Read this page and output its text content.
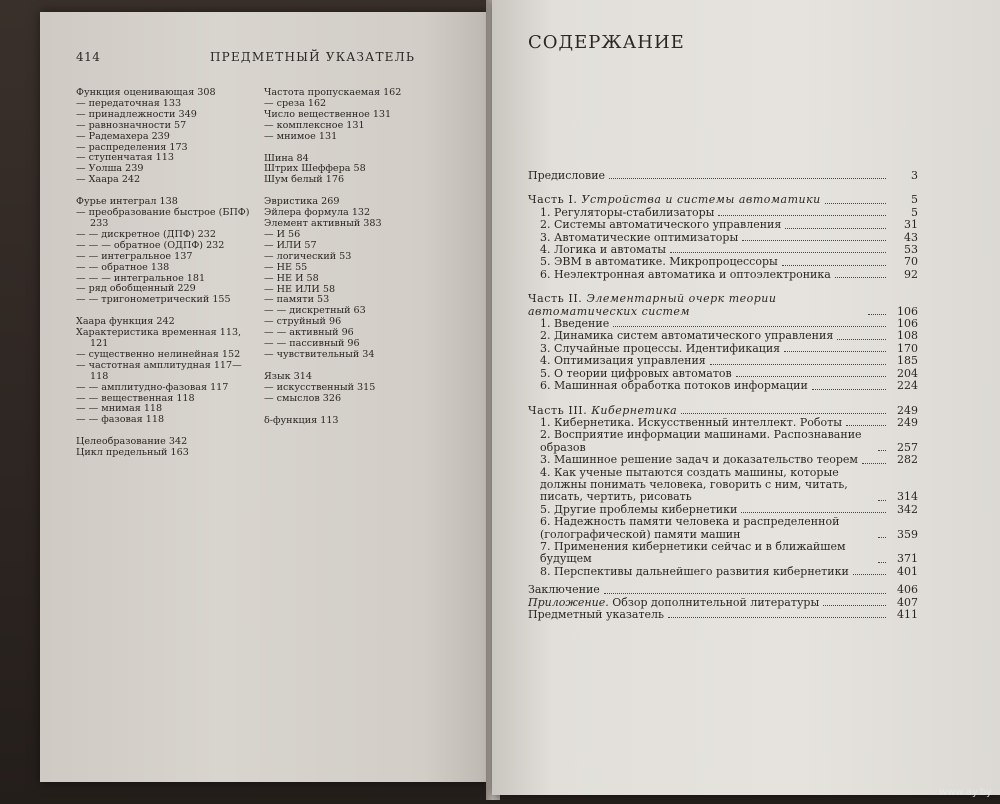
414	ПРЕДМЕТНЫЙ УКАЗАТЕЛЬ
Функция оценивающая 308
— передаточная 133
— принадлежности 349
— равнозначности 57
— Радемахера 239
— распределения 173
— ступенчатая 113
— Уолша 239
— Хаара 242
Фурье интеграл 138
— преобразование быстрое (БПФ)
233
— — дискретное (ДПФ) 232
— — — обратное (ОДПФ) 232
— — интегральное 137
— — обратное 138
— — — интегральное 181
— ряд обобщенный 229
— — тригонометрический 155
Хаара функция 242
Характеристика временная 113,
121
— существенно нелинейная 152
— частотная амплитудная 117—
118
— — амплитудно-фазовая 117
— — вещественная 118
— — мнимая 118
— — фазовая 118
Целеобразование 342
Цикл предельный 163
Частота пропускаемая 162
— среза 162
Число вещественное 131
— комплексное 131
— мнимое 131
Шина 84
Штрих Шеффера 58
Шум белый 176
Эвристика 269
Эйлера формула 132
Элемент активный 383
— И 56
— ИЛИ 57
— логический 53
— НЕ 55
— НЕ И 58
— НЕ ИЛИ 58
— памяти 53
— — дискретный 63
— струйный 96
— — активный 96
— — пассивный 96
— чувствительный 34
Язык 314
— искусственный 315
— смыслов 326
δ-функция 113
СОДЕРЖАНИЕ
Предисловие	3
Часть I. Устройства и системы автоматики	5
1. Регуляторы-стабилизаторы	5
2. Системы автоматического управления	31
3. Автоматические оптимизаторы	43
4. Логика и автоматы	53
5. ЭВМ в автоматике. Микропроцессоры	70
6. Неэлектронная автоматика и оптоэлектроника	92
Часть II. Элементарный очерк теории автоматических систем	106
1. Введение	106
2. Динамика систем автоматического управления	108
3. Случайные процессы. Идентификация	170
4. Оптимизация управления	185
5. О теории цифровых автоматов	204
6. Машинная обработка потоков информации	224
Часть III. Кибернетика	249
1. Кибернетика. Искусственный интеллект. Роботы	249
2. Восприятие информации машинами. Распознавание образов	257
3. Машинное решение задач и доказательство теорем	282
4. Как ученые пытаются создать машины, которые должны понимать человека, говорить с ним, читать, писать, чертить, рисовать	314
5. Другие проблемы кибернетики	342
6. Надежность памяти человека и распределенной (голографической) памяти машин	359
7. Применения кибернетики сейчас и в ближайшем будущем	371
8. Перспективы дальнейшего развития кибернетики	401
Заключение	406
Приложение. Обзор дополнительной литературы	407
Предметный указатель	411
www.ay.by
